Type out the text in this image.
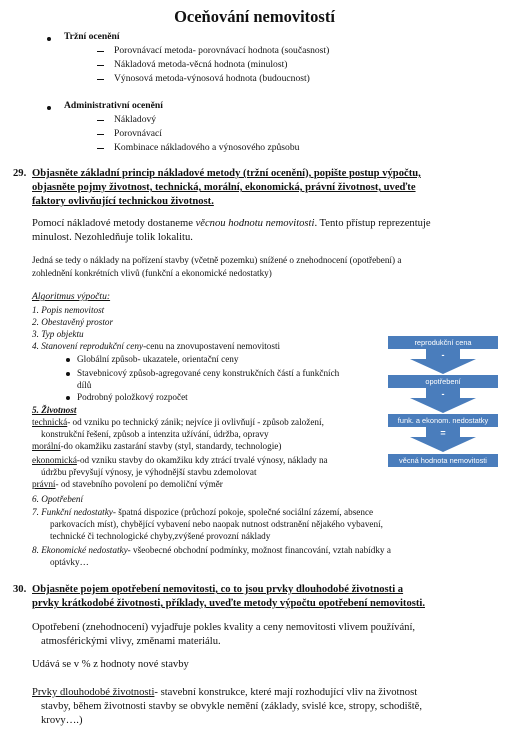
Oceňování nemovitostí
Tržní ocenění
Porovnávací metoda- porovnávací hodnota (současnost)
Nákladová metoda-věcná hodnota (minulost)
Výnosová metoda-výnosová hodnota (budoucnost)
Administrativní ocenění
Nákladový
Porovnávací
Kombinace nákladového a výnosového způsobu
29. Objasněte základní princip nákladové metody (tržní ocenění), popište postup výpočtu,
objasněte pojmy životnost, technická, morální, ekonomická, právní životnost, uveďte
faktory ovlivňující technickou životnost.
Pomocí nákladové metody dostaneme věcnou hodnotu nemovitosti. Tento přístup reprezentuje
minulost. Nezohledňuje tolik lokalitu.
Jedná se tedy o náklady na pořízení stavby (včetně pozemku) snížené o znehodnocení (opotřebení) a
zohlednění konkrétních vlivů (funkční a ekonomické nedostatky)
Algoritmus výpočtu:
1. Popis nemovitost
2. Obestavěný prostor
3. Typ objektu
4. Stanovení reprodukční ceny-cenu na znovupostavení nemovitosti
Globální způsob- ukazatele, orientační ceny
Stavebnicový způsob-agregované ceny konstrukčních částí a funkčních
dílů
Podrobný položkový rozpočet
5. Životnost
technická- od vzniku po technický zánik; nejvíce ji ovlivňují - způsob založení,
konstrukční řešení, způsob a intenzita užívání, údržba, opravy
morální-do okamžiku zastarání stavby (styl, standardy, technologie)
ekonomická-od vzniku stavby do okamžiku kdy ztrácí trvalé výnosy, náklady na
údržbu převyšují výnosy, je výhodnější stavbu zdemolovat
právní- od stavebního povolení po demoliční výměr
6. Opotřebení
7. Funkční nedostatky- špatná dispozice (průchozí pokoje, společné sociální zázemí, absence
parkovacích míst), chybějící vybavení nebo naopak nutnost odstranění nějakého vybavení,
technické či technologické chyby,zvýšené provozní náklady
8. Ekonomické nedostatky- všeobecné obchodní podmínky, možnost financování, vztah nabídky a
optávky…
reprodukční cena
-
opotřebení
-
funk. a ekonom. nedostatky
=
věcná hodnota nemovitosti
30. Objasněte pojem opotřebení nemovitosti, co to jsou prvky dlouhodobé životnosti a
prvky krátkodobé životnosti, příklady, uveďte metody výpočtu opotřebení nemovitosti.
Opotřebení (znehodnocení) vyjadřuje pokles kvality a ceny nemovitosti vlivem používání,
atmosférickými vlivy, změnami materiálu.
Udává se v % z hodnoty nové stavby
Prvky dlouhodobé životnosti- stavební konstrukce, které mají rozhodující vliv na životnost
stavby, během životnosti stavby se obvykle nemění (základy, svislé kce, stropy, schodiště,
krovy….)
